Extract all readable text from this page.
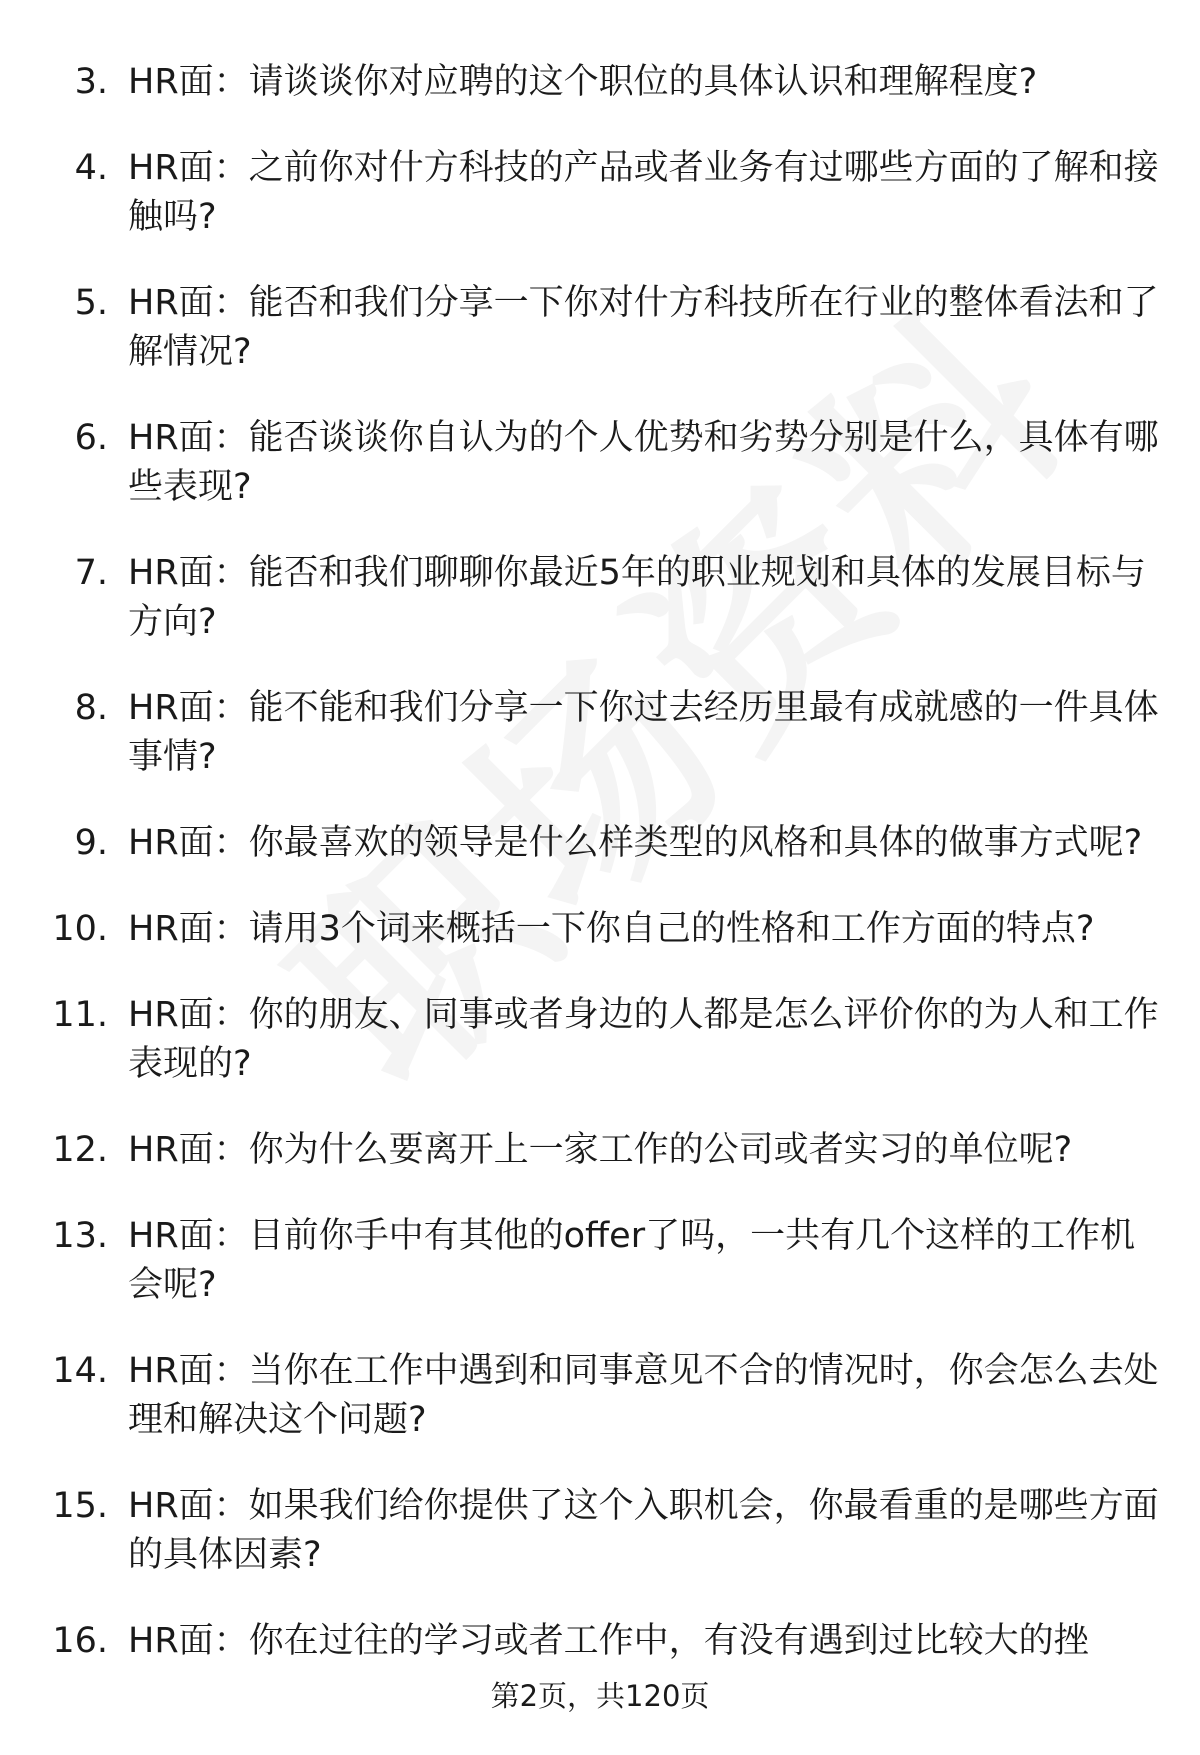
3. HR面：请谈谈你对应聘的这个职位的具体认识和理解程度?
4. HR面：之前你对什方科技的产品或者业务有过哪些方面的了解和接触吗?
5. HR面：能否和我们分享一下你对什方科技所在行业的整体看法和了解情况?
6. HR面：能否谈谈你自认为的个人优势和劣势分别是什么，具体有哪些表现?
7. HR面：能否和我们聊聊你最近5年的职业规划和具体的发展目标与方向?
8. HR面：能不能和我们分享一下你过去经历里最有成就感的一件具体事情?
9. HR面：你最喜欢的领导是什么样类型的风格和具体的做事方式呢?
10. HR面：请用3个词来概括一下你自己的性格和工作方面的特点?
11. HR面：你的朋友、同事或者身边的人都是怎么评价你的为人和工作表现的?
12. HR面：你为什么要离开上一家工作的公司或者实习的单位呢?
13. HR面：目前你手中有其他的offer了吗，一共有几个这样的工作机会呢?
14. HR面：当你在工作中遇到和同事意见不合的情况时，你会怎么去处理和解决这个问题?
15. HR面：如果我们给你提供了这个入职机会，你最看重的是哪些方面的具体因素?
16. HR面：你在过往的学习或者工作中，有没有遇到过比较大的挫
第2页，共120页
